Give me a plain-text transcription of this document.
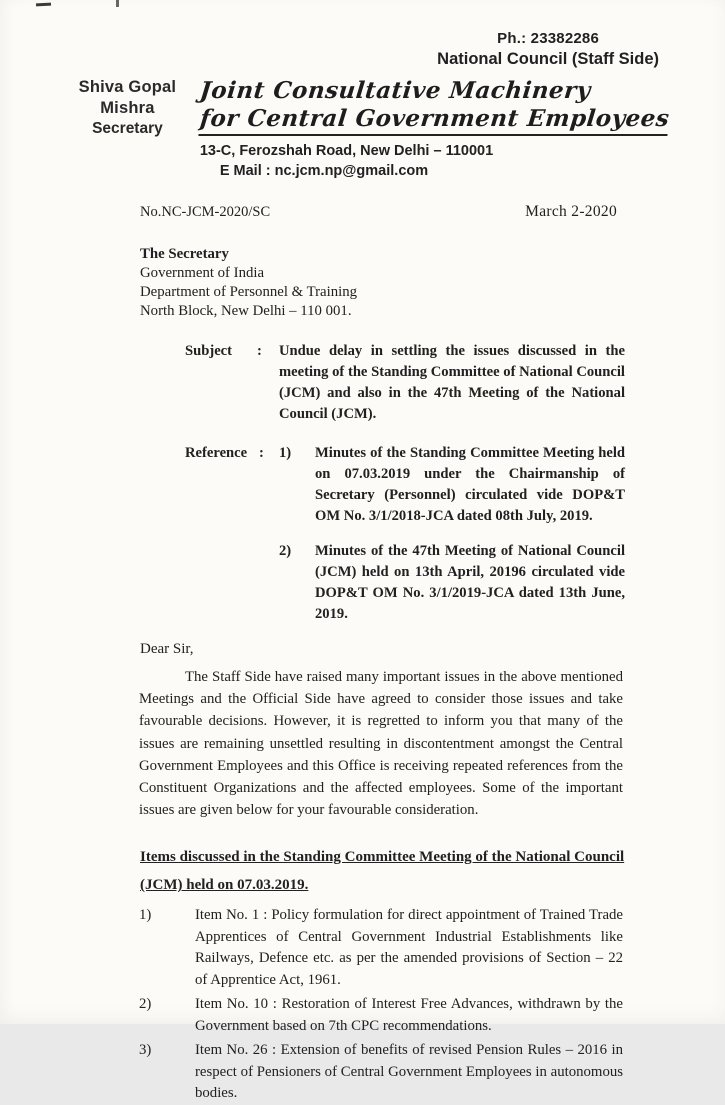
Ph.: 23382286
National Council (Staff Side)
Shiva Gopal Mishra
Secretary
Joint Consultative Machinery
for Central Government Employees
13-C, Ferozshah Road, New Delhi – 110001
E Mail : nc.jcm.np@gmail.com
No.NC-JCM-2020/SC	March 2-2020
The Secretary
Government of India
Department of Personnel & Training
North Block, New Delhi – 110 001.
Subject	:	Undue delay in settling the issues discussed in the meeting of the Standing Committee of National Council (JCM) and also in the 47th Meeting of the National Council (JCM).
Reference :	1)	Minutes of the Standing Committee Meeting held on 07.03.2019 under the Chairmanship of Secretary (Personnel) circulated vide DOP&T OM No. 3/1/2018-JCA dated 08th July, 2019.
2)	Minutes of the 47th Meeting of National Council (JCM) held on 13th April, 20196 circulated vide DOP&T OM No. 3/1/2019-JCA dated 13th June, 2019.
Dear Sir,
The Staff Side have raised many important issues in the above mentioned Meetings and the Official Side have agreed to consider those issues and take favourable decisions. However, it is regretted to inform you that many of the issues are remaining unsettled resulting in discontentment amongst the Central Government Employees and this Office is receiving repeated references from the Constituent Organizations and the affected employees. Some of the important issues are given below for your favourable consideration.
Items discussed in the Standing Committee Meeting of the National Council (JCM) held on 07.03.2019.
1)	Item No. 1 : Policy formulation for direct appointment of Trained Trade Apprentices of Central Government Industrial Establishments like Railways, Defence etc. as per the amended provisions of Section – 22 of Apprentice Act, 1961.
2)	Item No. 10 : Restoration of Interest Free Advances, withdrawn by the Government based on 7th CPC recommendations.
3)	Item No. 26 : Extension of benefits of revised Pension Rules – 2016 in respect of Pensioners of Central Government Employees in autonomous bodies.
